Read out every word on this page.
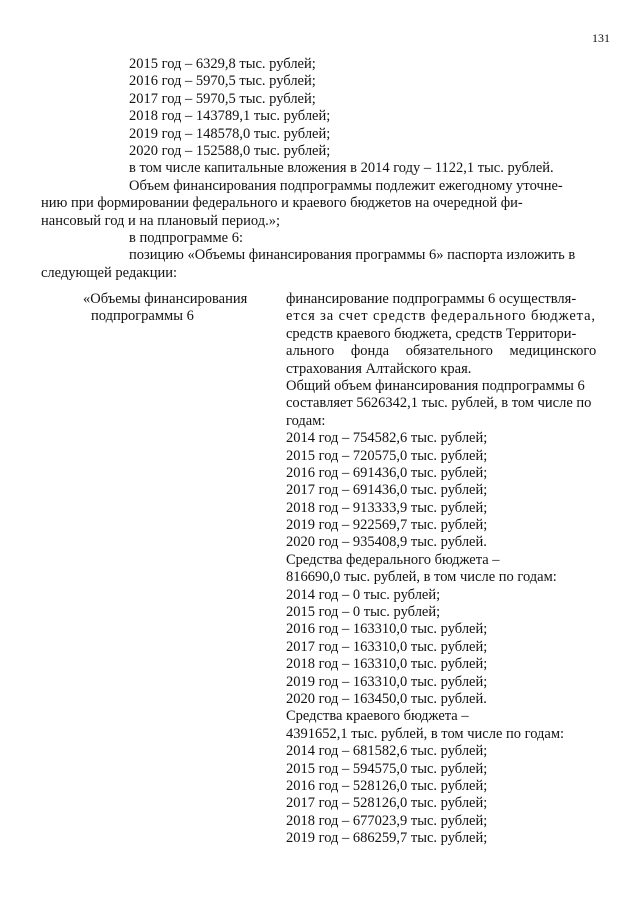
131
2015 год – 6329,8 тыс. рублей;
2016 год – 5970,5 тыс. рублей;
2017 год – 5970,5 тыс. рублей;
2018 год – 143789,1 тыс. рублей;
2019 год – 148578,0 тыс. рублей;
2020 год – 152588,0 тыс. рублей;
в том числе капитальные вложения в 2014 году – 1122,1 тыс. рублей.
Объем финансирования подпрограммы подлежит ежегодному уточне-
нию при формировании федерального и краевого бюджетов на очередной фи-
нансовый год и на плановый период.»;
в подпрограмме 6:
позицию «Объемы финансирования программы 6» паспорта изложить в
следующей редакции:
«Объемы финансирования
подпрограммы 6
финансирование подпрограммы 6 осуществля-
ется за счет средств федерального бюджета,
средств краевого бюджета, средств Территори-
ального фонда обязательного медицинского
страхования Алтайского края.
Общий объем финансирования подпрограммы 6
составляет 5626342,1 тыс. рублей, в том числе по
годам:
2014 год – 754582,6 тыс. рублей;
2015 год – 720575,0 тыс. рублей;
2016 год – 691436,0 тыс. рублей;
2017 год – 691436,0 тыс. рублей;
2018 год – 913333,9 тыс. рублей;
2019 год – 922569,7 тыс. рублей;
2020 год – 935408,9 тыс. рублей.
Средства федерального бюджета –
816690,0 тыс. рублей, в том числе по годам:
2014 год – 0 тыс. рублей;
2015 год – 0 тыс. рублей;
2016 год – 163310,0 тыс. рублей;
2017 год – 163310,0 тыс. рублей;
2018 год – 163310,0 тыс. рублей;
2019 год – 163310,0 тыс. рублей;
2020 год – 163450,0 тыс. рублей.
Средства краевого бюджета –
4391652,1 тыс. рублей, в том числе по годам:
2014 год – 681582,6 тыс. рублей;
2015 год – 594575,0 тыс. рублей;
2016 год – 528126,0 тыс. рублей;
2017 год – 528126,0 тыс. рублей;
2018 год – 677023,9 тыс. рублей;
2019 год – 686259,7 тыс. рублей;
